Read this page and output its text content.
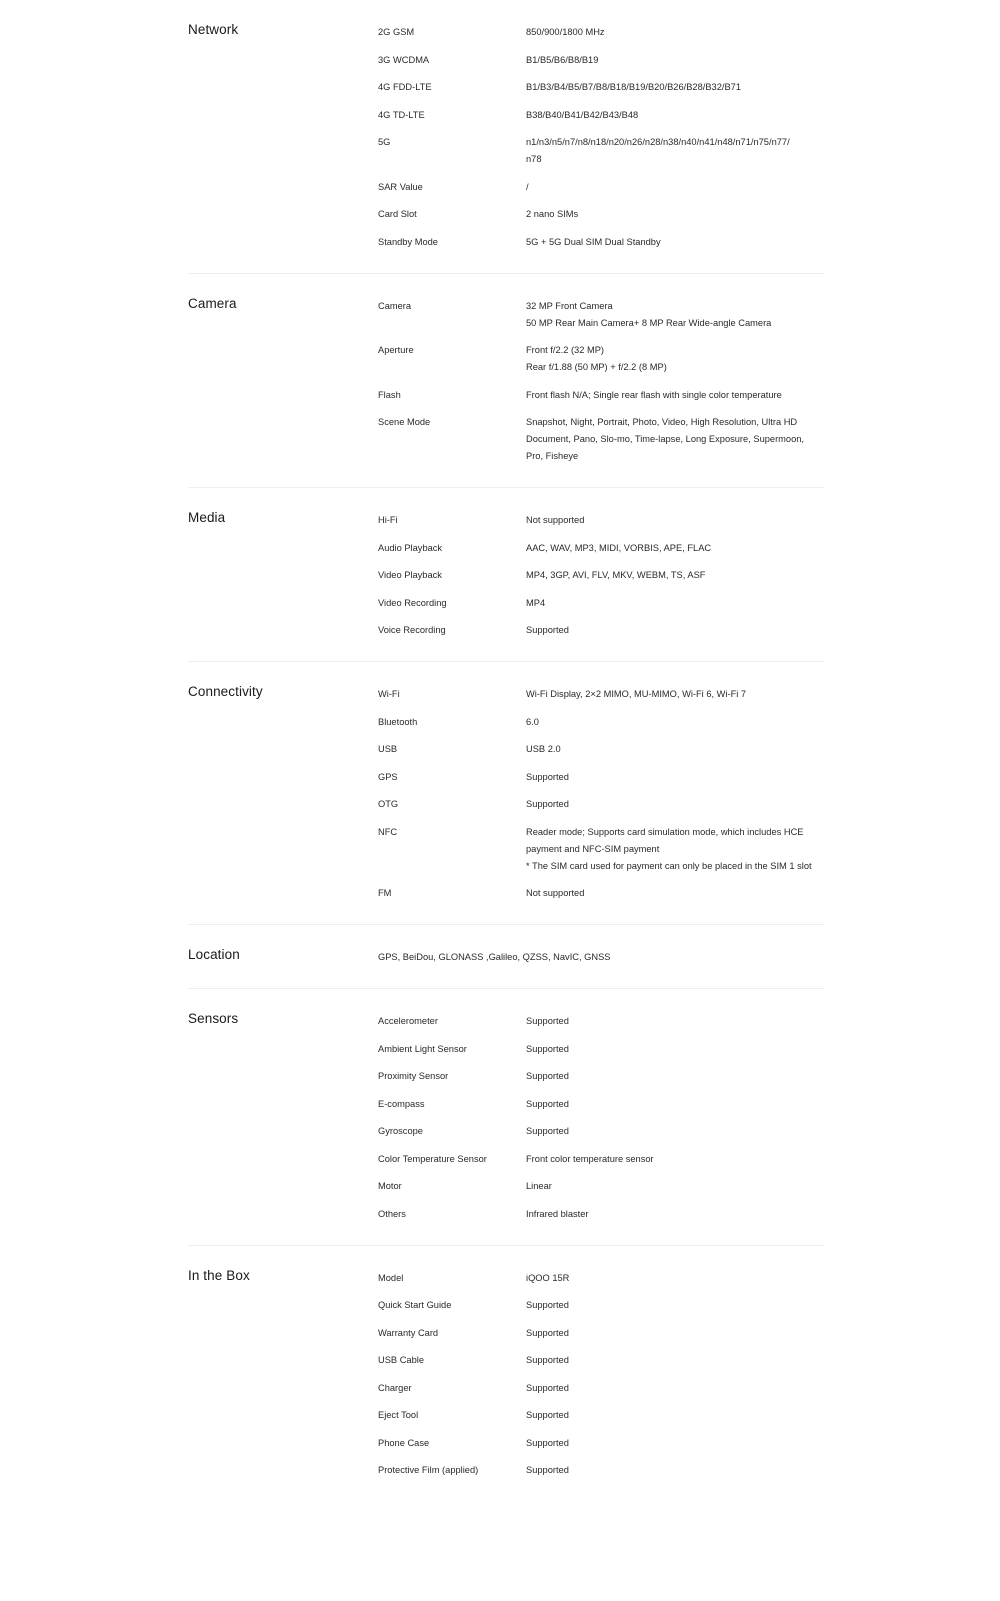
Network	2G GSM	850/900/1800 MHz
3G WCDMA	B1/B5/B6/B8/B19
4G FDD-LTE	B1/B3/B4/B5/B7/B8/B18/B19/B20/B26/B28/B32/B71
4G TD-LTE	B38/B40/B41/B42/B43/B48
5G	n1/n3/n5/n7/n8/n18/n20/n26/n28/n38/n40/n41/n48/n71/n75/n77/
n78
SAR Value	/
Card Slot	2 nano SIMs
Standby Mode	5G + 5G Dual SIM Dual Standby
Camera	Camera	32 MP Front Camera
50 MP Rear Main Camera+ 8 MP Rear Wide-angle Camera
Aperture	Front f/2.2 (32 MP)
Rear f/1.88 (50 MP) + f/2.2 (8 MP)
Flash	Front flash N/A; Single rear flash with single color temperature
Scene Mode	Snapshot, Night, Portrait, Photo, Video, High Resolution, Ultra HD
Document, Pano, Slo-mo, Time-lapse, Long Exposure, Supermoon,
Pro, Fisheye
Media	Hi-Fi	Not supported
Audio Playback	AAC, WAV, MP3, MIDI, VORBIS, APE, FLAC
Video Playback	MP4, 3GP, AVI, FLV, MKV, WEBM, TS, ASF
Video Recording	MP4
Voice Recording	Supported
Connectivity	Wi-Fi	Wi-Fi Display, 2×2 MIMO, MU-MIMO, Wi-Fi 6, Wi-Fi 7
Bluetooth	6.0
USB	USB 2.0
GPS	Supported
OTG	Supported
NFC	Reader mode; Supports card simulation mode, which includes HCE
payment and NFC-SIM payment
* The SIM card used for payment can only be placed in the SIM 1 slot
FM	Not supported
Location	GPS, BeiDou, GLONASS ,Galileo, QZSS, NavIC, GNSS
Sensors	Accelerometer	Supported
Ambient Light Sensor	Supported
Proximity Sensor	Supported
E-compass	Supported
Gyroscope	Supported
Color Temperature Sensor	Front color temperature sensor
Motor	Linear
Others	Infrared blaster
In the Box	Model	iQOO 15R
Quick Start Guide	Supported
Warranty Card	Supported
USB Cable	Supported
Charger	Supported
Eject Tool	Supported
Phone Case	Supported
Protective Film (applied)	Supported
